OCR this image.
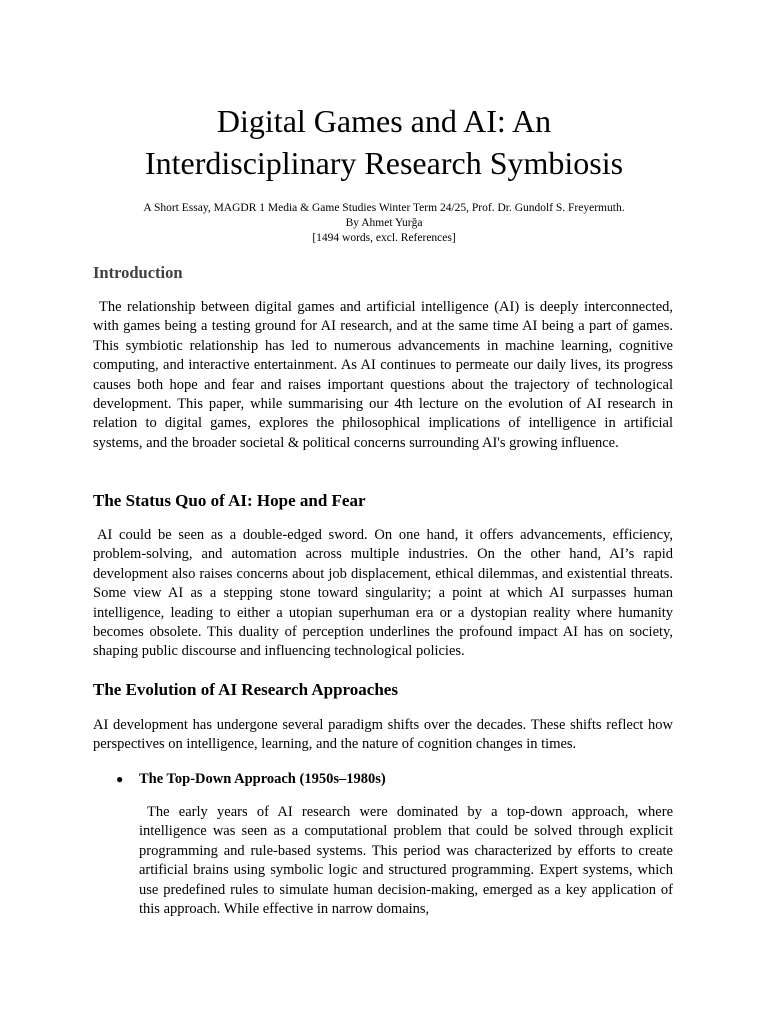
Digital Games and AI: An
Interdisciplinary Research Symbiosis
A Short Essay, MAGDR 1 Media & Game Studies Winter Term 24/25, Prof. Dr. Gundolf S. Freyermuth.
By Ahmet Yurğa
[1494 words, excl. References]
Introduction

The relationship between digital games and artificial intelligence (AI) is deeply interconnected, with games being a testing ground for AI research, and at the same time AI being a part of games. This symbiotic relationship has led to numerous advancements in machine learning, cognitive computing, and interactive entertainment. As AI continues to permeate our daily lives, its progress causes both hope and fear and raises important questions about the trajectory of technological development. This paper, while summarising our 4th lecture on the evolution of AI research in relation to digital games, explores the philosophical implications of intelligence in artificial systems, and the broader societal & political concerns surrounding AI's growing influence.

The Status Quo of AI: Hope and Fear

AI could be seen as a double-edged sword. On one hand, it offers advancements, efficiency, problem-solving, and automation across multiple industries. On the other hand, AI’s rapid development also raises concerns about job displacement, ethical dilemmas, and existential threats. Some view AI as a stepping stone toward singularity; a point at which AI surpasses human intelligence, leading to either a utopian superhuman era or a dystopian reality where humanity becomes obsolete. This duality of perception underlines the profound impact AI has on society, shaping public discourse and influencing technological policies.

The Evolution of AI Research Approaches

AI development has undergone several paradigm shifts over the decades. These shifts reflect how perspectives on intelligence, learning, and the nature of cognition changes in times.

● The Top-Down Approach (1950s–1980s)

The early years of AI research were dominated by a top-down approach, where intelligence was seen as a computational problem that could be solved through explicit programming and rule-based systems. This period was characterized by efforts to create artificial brains using symbolic logic and structured programming. Expert systems, which use predefined rules to simulate human decision-making, emerged as a key application of this approach. While effective in narrow domains,
